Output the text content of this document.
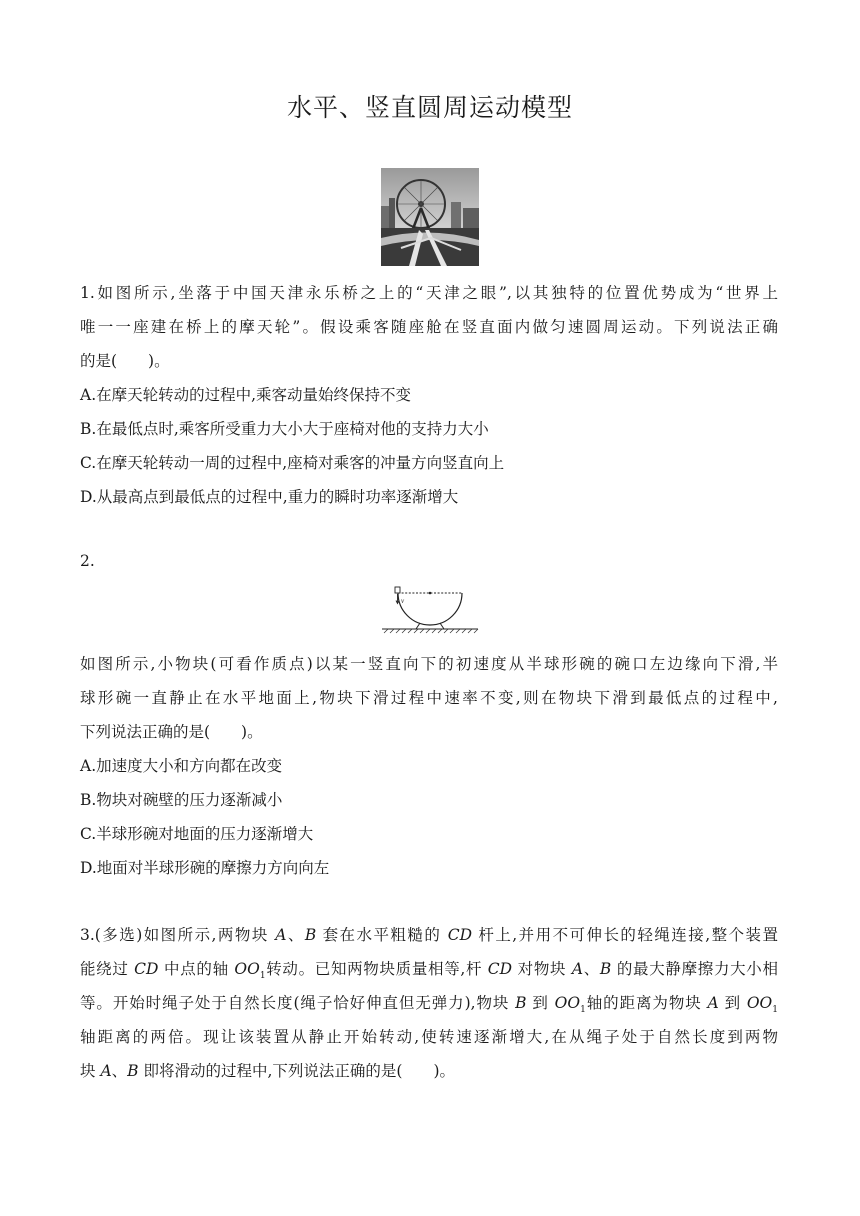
水平、竖直圆周运动模型
1.如图所示,坐落于中国天津永乐桥之上的“天津之眼”,以其独特的位置优势成为“世界上
唯一一座建在桥上的摩天轮”。假设乘客随座舱在竖直面内做匀速圆周运动。下列说法正确
的是(　　)。
A.在摩天轮转动的过程中,乘客动量始终保持不变
B.在最低点时,乘客所受重力大小大于座椅对他的支持力大小
C.在摩天轮转动一周的过程中,座椅对乘客的冲量方向竖直向上
D.从最高点到最低点的过程中,重力的瞬时功率逐渐增大
2.
v
如图所示,小物块(可看作质点)以某一竖直向下的初速度从半球形碗的碗口左边缘向下滑,半
球形碗一直静止在水平地面上,物块下滑过程中速率不变,则在物块下滑到最低点的过程中,
下列说法正确的是(　　)。
A.加速度大小和方向都在改变
B.物块对碗壁的压力逐渐减小
C.半球形碗对地面的压力逐渐增大
D.地面对半球形碗的摩擦力方向向左
3.(多选)如图所示,两物块 A、B 套在水平粗糙的 CD 杆上,并用不可伸长的轻绳连接,整个装置
能绕过 CD 中点的轴 $OO_1$转动。已知两物块质量相等,杆 CD 对物块 A、B 的最大静摩擦力大小相
等。开始时绳子处于自然长度(绳子恰好伸直但无弹力),物块 B 到 $OO_1$轴的距离为物块 A 到 $OO_1$
轴距离的两倍。现让该装置从静止开始转动,使转速逐渐增大,在从绳子处于自然长度到两物
块 A、B 即将滑动的过程中,下列说法正确的是(　　)。
